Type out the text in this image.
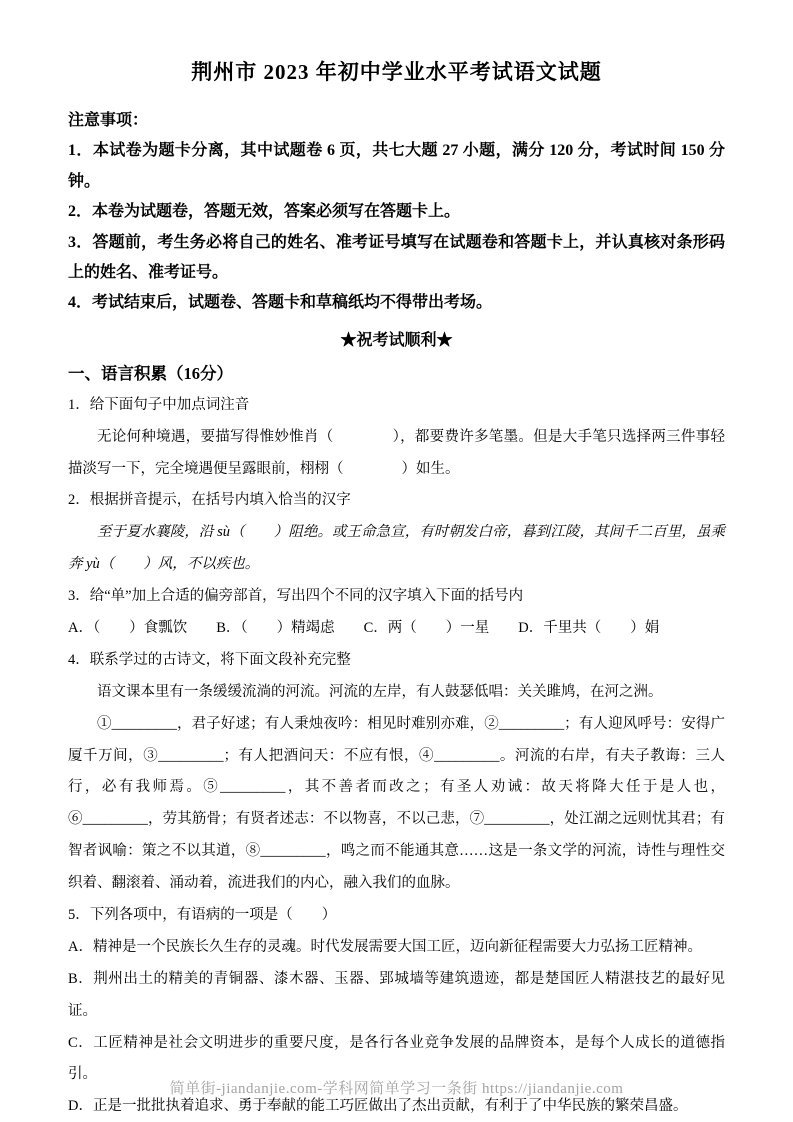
荆州市 2023 年初中学业水平考试语文试题

注意事项：

1．本试卷为题卡分离，其中试题卷 6 页，共七大题 27 小题，满分 120 分，考试时间 150 分钟。

2．本卷为试题卷，答题无效，答案必须写在答题卡上。

3．答题前，考生务必将自己的姓名、准考证号填写在试题卷和答题卡上，并认真核对条形码上的姓名、准考证号。

4．考试结束后，试题卷、答题卡和草稿纸均不得带出考场。

★祝考试顺利★

一、语言积累（16分）

1．给下面句子中加点词注音

无论何种境遇，要描写得惟妙惟肖（　　　　），都要费许多笔墨。但是大手笔只选择两三件事轻描淡写一下，完全境遇便呈露眼前，栩栩（　　　　）如生。

2．根据拼音提示，在括号内填入恰当的汉字

至于夏水襄陵，沿 sù（　　）阻绝。或王命急宣，有时朝发白帝，暮到江陵，其间千二百里，虽乘奔 yù（　　）风，不以疾也。

3．给“单”加上合适的偏旁部首，写出四个不同的汉字填入下面的括号内

A．（　　）食瓢饮　　B．（　　）精竭虑　　C．两（　　）一星　　D．千里共（　　）娟

4．联系学过的古诗文，将下面文段补充完整

语文课本里有一条缓缓流淌的河流。河流的左岸，有人鼓瑟低唱：关关雎鸠，在河之洲。

①_________，君子好逑；有人秉烛夜吟：相见时难别亦难，②_________；有人迎风呼号：安得广厦千万间，③_________；有人把酒问天：不应有恨，④_________。河流的右岸，有夫子教诲：三人行，必有我师焉。⑤_________，其不善者而改之；有圣人劝诫：故天将降大任于是人也，⑥_________，劳其筋骨；有贤者述志：不以物喜，不以己悲，⑦_________，处江湖之远则忧其君；有智者讽喻：策之不以其道，⑧_________，鸣之而不能通其意……这是一条文学的河流，诗性与理性交织着、翻滚着、涌动着，流进我们的内心，融入我们的血脉。

5．下列各项中，有语病的一项是（　　）

A．精神是一个民族长久生存的灵魂。时代发展需要大国工匠，迈向新征程需要大力弘扬工匠精神。

B．荆州出土的精美的青铜器、漆木器、玉器、郢城墙等建筑遗迹，都是楚国匠人精湛技艺的最好见证。

C．工匠精神是社会文明进步的重要尺度，是各行各业竞争发展的品牌资本，是每个人成长的道德指引。

D．正是一批批执着追求、勇于奉献的能工巧匠做出了杰出贡献，有利于了中华民族的繁荣昌盛。

简单街-jiandanjie.com-学科网简单学习一条街 https://jiandanjie.com
